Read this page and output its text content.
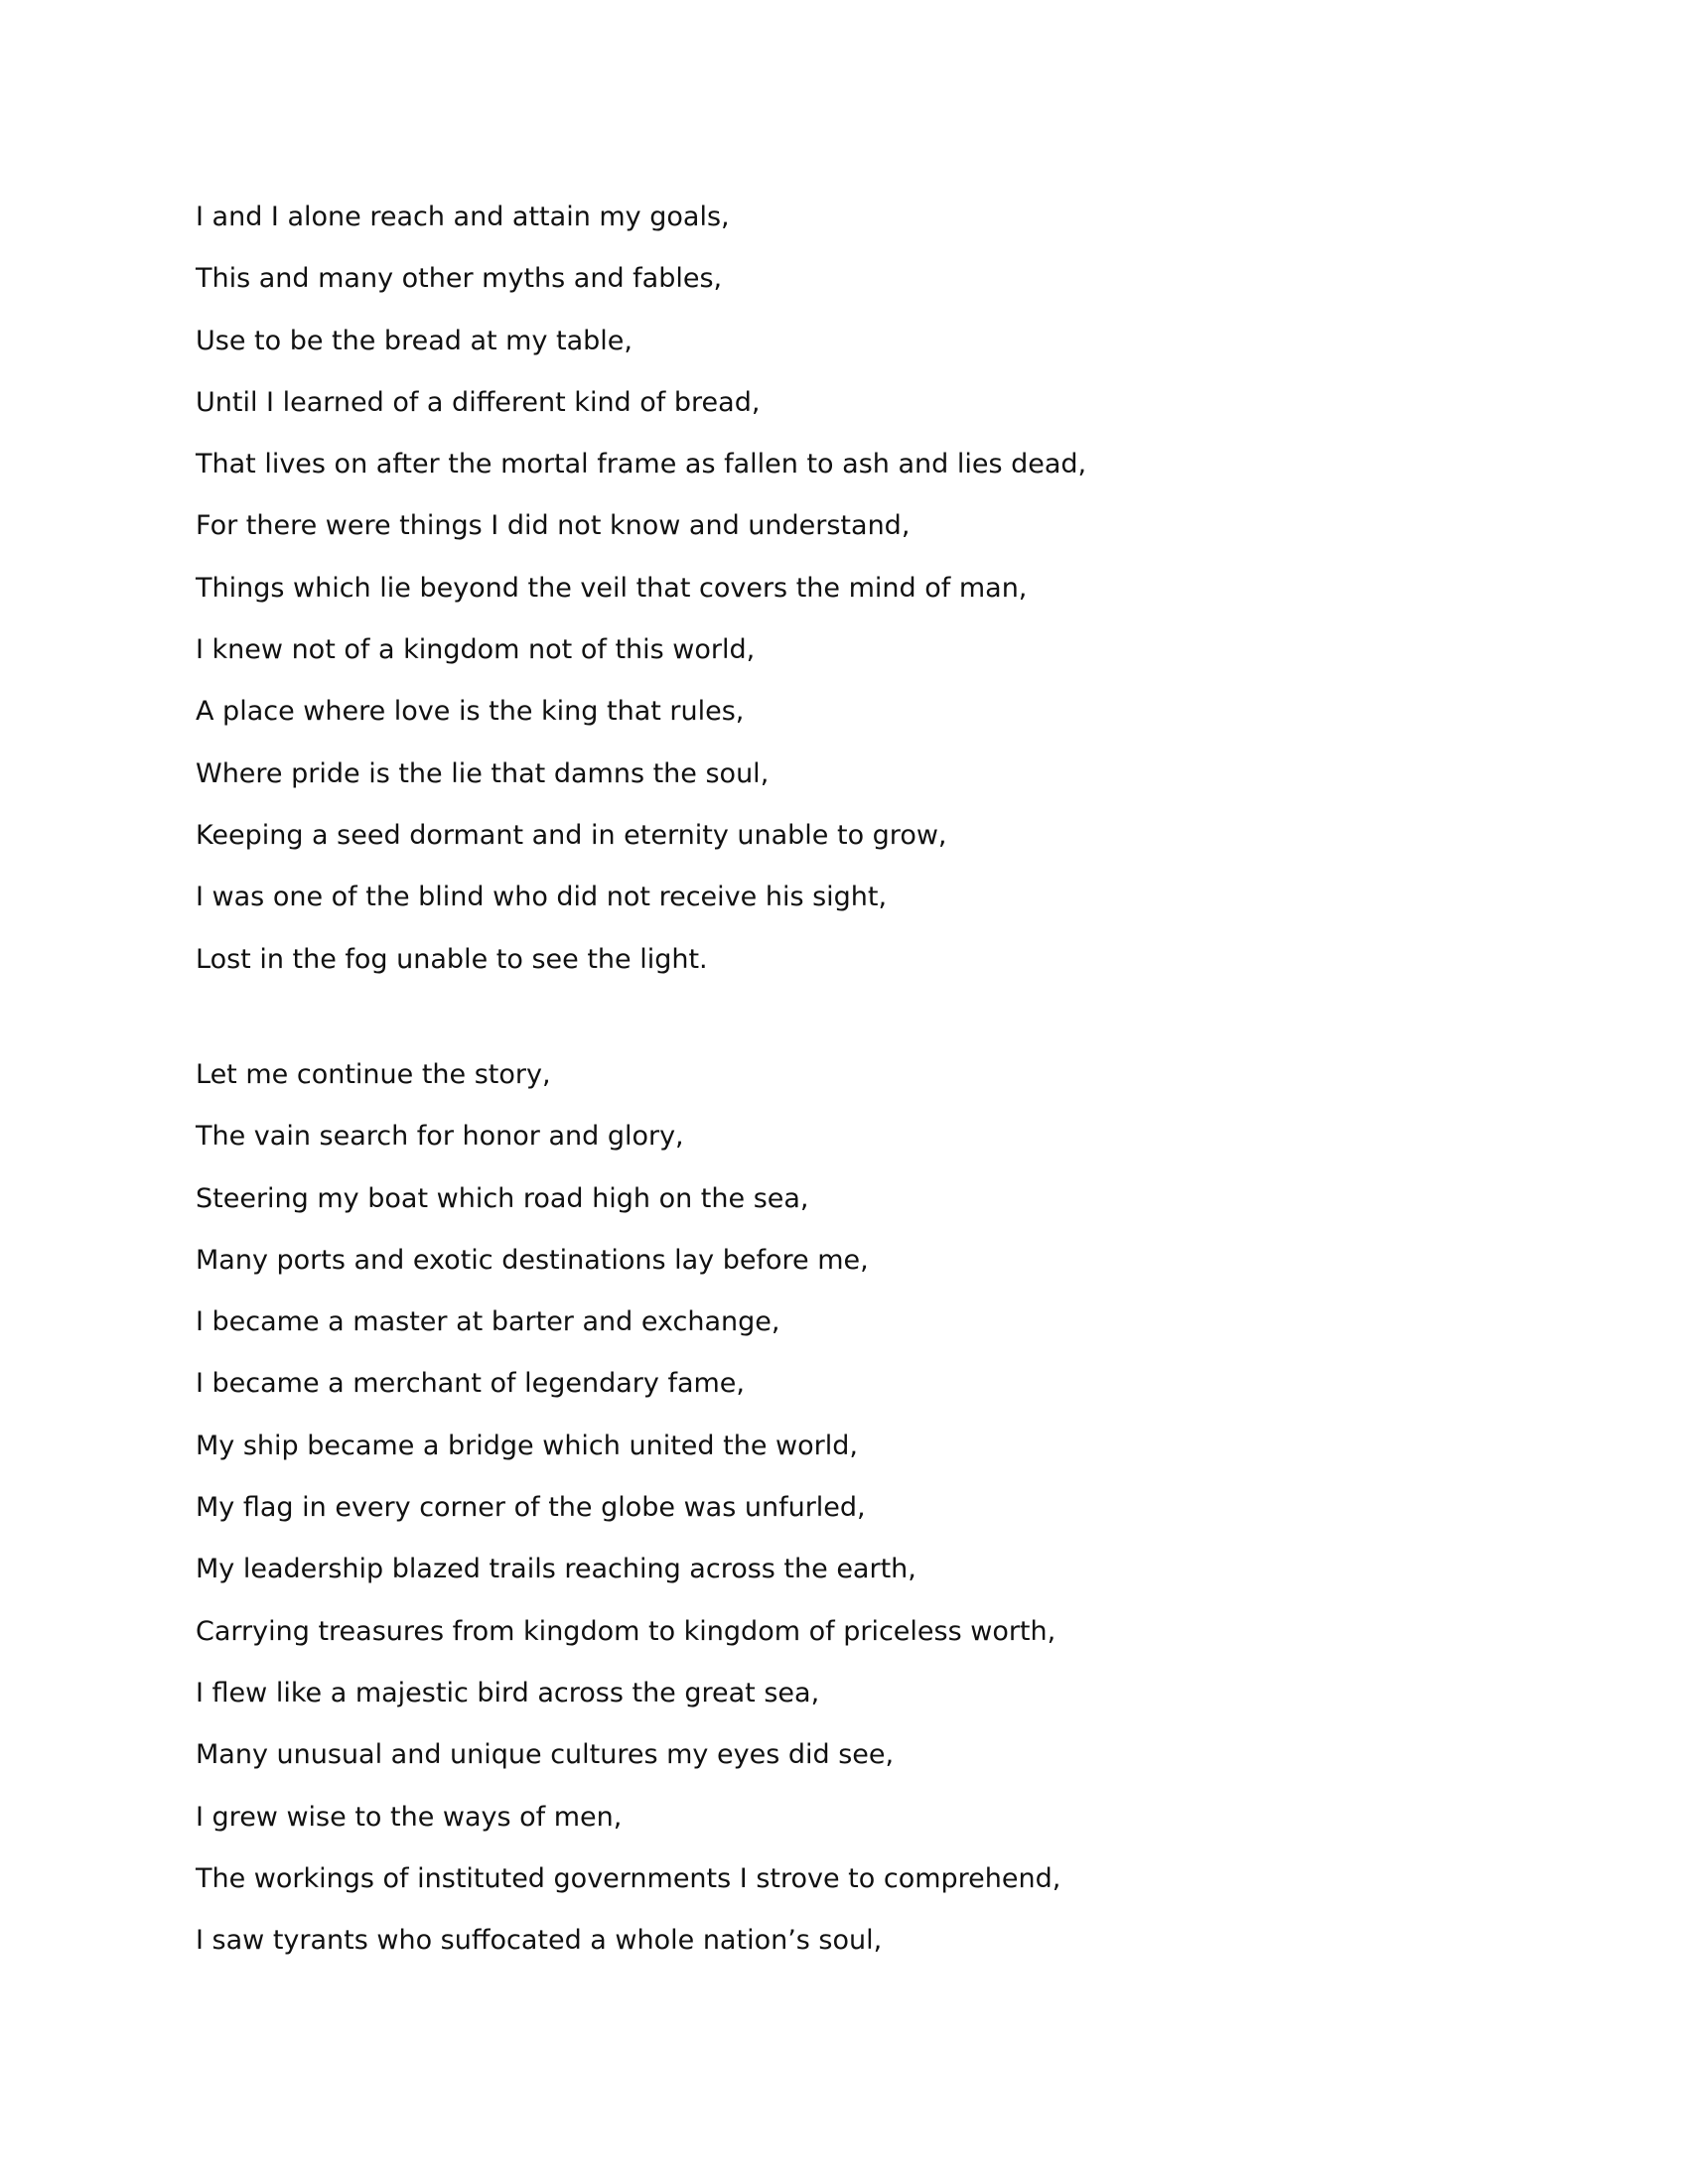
I and I alone reach and attain my goals,
This and many other myths and fables,
Use to be the bread at my table,
Until I learned of a different kind of bread,
That lives on after the mortal frame as fallen to ash and lies dead,
For there were things I did not know and understand,
Things which lie beyond the veil that covers the mind of man,
I knew not of a kingdom not of this world,
A place where love is the king that rules,
Where pride is the lie that damns the soul,
Keeping a seed dormant and in eternity unable to grow,
I was one of the blind who did not receive his sight,
Lost in the fog unable to see the light.
Let me continue the story,
The vain search for honor and glory,
Steering my boat which road high on the sea,
Many ports and exotic destinations lay before me,
I became a master at barter and exchange,
I became a merchant of legendary fame,
My ship became a bridge which united the world,
My flag in every corner of the globe was unfurled,
My leadership blazed trails reaching across the earth,
Carrying treasures from kingdom to kingdom of priceless worth,
I flew like a majestic bird across the great sea,
Many unusual and unique cultures my eyes did see,
I grew wise to the ways of men,
The workings of instituted governments I strove to comprehend,
I saw tyrants who suffocated a whole nation’s soul,
